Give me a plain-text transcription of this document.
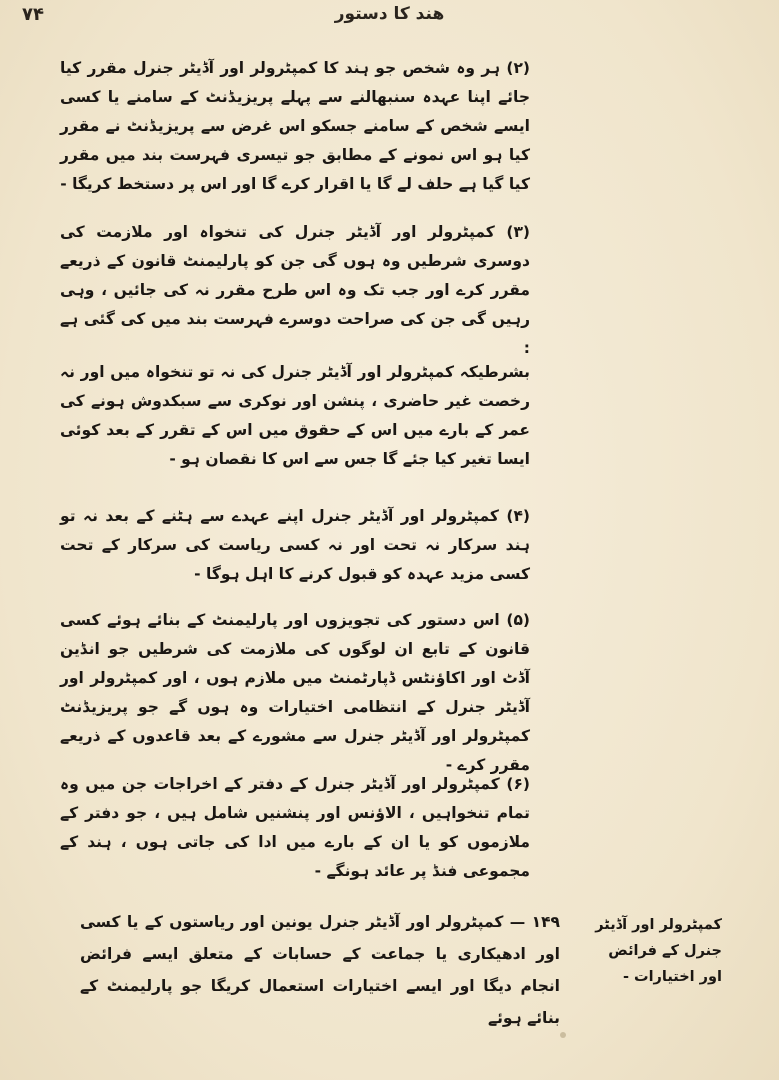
۷۴	هند کا دستور
(۲) ہر وہ شخص جو ہند کا کمپٹرولر اور آڈیٹر جنرل مقرر کیا جائے اپنا عہدہ سنبھالنے سے پہلے پریزیڈنٹ کے سامنے یا کسی ایسے شخص کے سامنے جسکو اس غرض سے پریزیڈنٹ نے مقرر کیا ہو اس نمونے کے مطابق جو تیسری فہرست بند میں مقرر کیا گیا ہے حلف لے گا یا اقرار کرے گا اور اس پر دستخط کریگا -
(۳) کمپٹرولر اور آڈیٹر جنرل کی تنخواہ اور ملازمت کی دوسری شرطیں وہ ہوں گی جن کو پارلیمنٹ قانون کے ذریعے مقرر کرے اور جب تک وہ اس طرح مقرر نہ کی جائیں ، وہی رہیں گی جن کی صراحت دوسرے فہرست بند میں کی گئی ہے :
بشرطیکہ کمپٹرولر اور آڈیٹر جنرل کی نہ تو تنخواہ میں اور نہ رخصت غیر حاضری ، پنشن اور نوکری سے سبکدوش ہونے کی عمر کے بارے میں اس کے حقوق میں اس کے تقرر کے بعد کوئی ایسا تغیر کیا جئے گا جس سے اس کا نقصان ہو -
(۴) کمپٹرولر اور آڈیٹر جنرل اپنے عہدے سے ہٹنے کے بعد نہ تو ہند سرکار نہ تحت اور نہ کسی ریاست کی سرکار کے تحت کسی مزید عہدہ کو قبول کرنے کا اہل ہوگا -
(۵) اس دستور کی تجویزوں اور پارلیمنٹ کے بنائے ہوئے کسی قانون کے تابع ان لوگوں کی ملازمت کی شرطیں جو انڈین آڈٹ اور اکاؤنٹس ڈپارٹمنٹ میں ملازم ہوں ، اور کمپٹرولر اور آڈیٹر جنرل کے انتظامی اختیارات وہ ہوں گے جو پریزیڈنٹ کمپٹرولر اور آڈیٹر جنرل سے مشورے کے بعد قاعدوں کے ذریعے مقرر کرے -
(۶) کمپٹرولر اور آڈیٹر جنرل کے دفتر کے اخراجات جن میں وہ تمام تنخواہیں ، الاؤنس اور پنشنیں شامل ہیں ، جو دفتر کے ملازموں کو یا ان کے بارے میں ادا کی جاتی ہوں ، ہند کے مجموعی فنڈ پر عائد ہونگے -
۱۴۹ — کمپٹرولر اور آڈیٹر جنرل یونین اور ریاستوں کے یا کسی اور ادھیکاری یا جماعت کے حسابات کے متعلق ایسے فرائض انجام دیگا اور ایسے اختیارات استعمال کریگا جو پارلیمنٹ کے بنائے ہوئے
کمپٹرولر اور آڈیٹر جنرل کے فرائض اور اختیارات -
